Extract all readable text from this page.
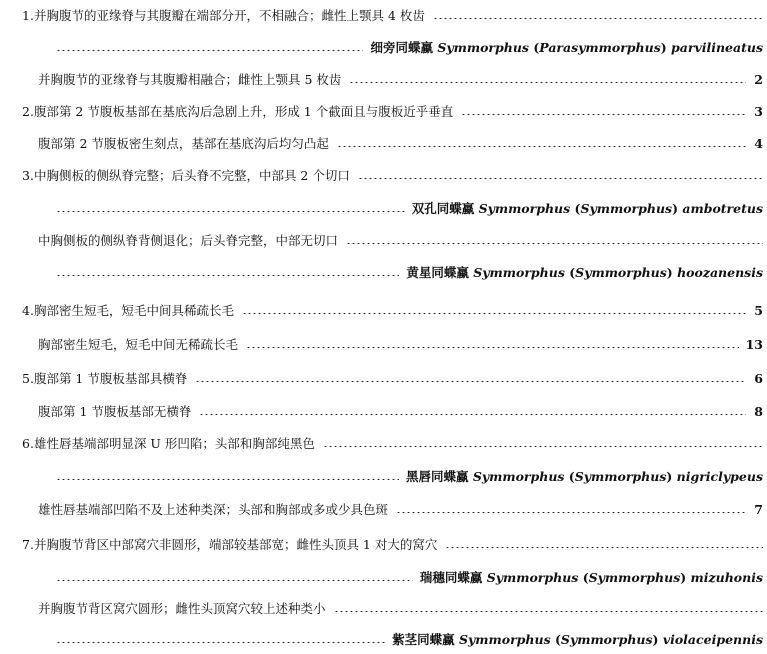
1. 并胸腹节的亚缘脊与其腹瓣在端部分开，不相融合；雌性上颚具 4 枚齿
细旁同蝶蠃 Symmorphus (Parasymmorphus) parvilineatus
并胸腹节的亚缘脊与其腹瓣相融合；雌性上颚具 5 枚齿	2
2. 腹部第 2 节腹板基部在基底沟后急剧上升，形成 1 个截面且与腹板近乎垂直	3
腹部第 2 节腹板密生刻点，基部在基底沟后均匀凸起	4
3. 中胸侧板的侧纵脊完整；后头脊不完整，中部具 2 个切口
双孔同蝶蠃 Symmorphus (Symmorphus) ambotretus
中胸侧板的侧纵脊背侧退化；后头脊完整，中部无切口
黄星同蝶蠃 Symmorphus (Symmorphus) hoozanensis
4. 胸部密生短毛，短毛中间具稀疏长毛	5
胸部密生短毛，短毛中间无稀疏长毛	13
5. 腹部第 1 节腹板基部具横脊	6
腹部第 1 节腹板基部无横脊	8
6. 雄性唇基端部明显深 U 形凹陷；头部和胸部纯黑色
黑唇同蝶蠃 Symmorphus (Symmorphus) nigriclypeus
雄性唇基端部凹陷不及上述种类深；头部和胸部或多或少具色斑	7
7. 并胸腹节背区中部窝穴非圆形，端部较基部宽；雌性头顶具 1 对大的窝穴
瑞穗同蝶蠃 Symmorphus (Symmorphus) mizuhonis
并胸腹节背区窝穴圆形；雌性头顶窝穴较上述种类小
紫茎同蝶蠃 Symmorphus (Symmorphus) violaceipennis
